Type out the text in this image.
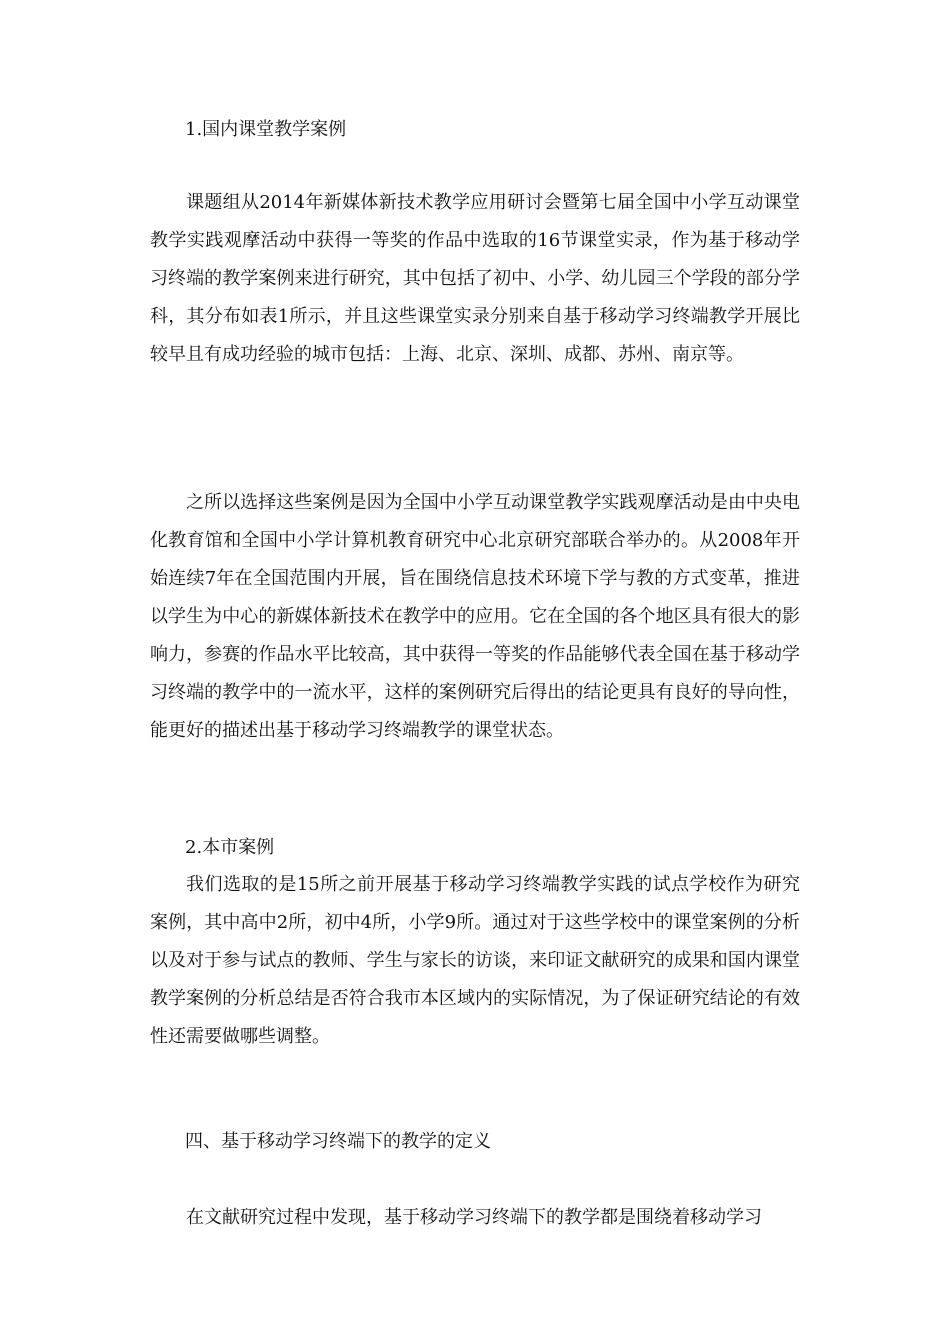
1.国内课堂教学案例

课题组从2014年新媒体新技术教学应用研讨会暨第七届全国中小学互动课堂教学实践观摩活动中获得一等奖的作品中选取的16节课堂实录，作为基于移动学习终端的教学案例来进行研究，其中包括了初中、小学、幼儿园三个学段的部分学科，其分布如表1所示，并且这些课堂实录分别来自基于移动学习终端教学开展比较早且有成功经验的城市包括：上海、北京、深圳、成都、苏州、南京等。

之所以选择这些案例是因为全国中小学互动课堂教学实践观摩活动是由中央电化教育馆和全国中小学计算机教育研究中心北京研究部联合举办的。从2008年开始连续7年在全国范围内开展，旨在围绕信息技术环境下学与教的方式变革，推进以学生为中心的新媒体新技术在教学中的应用。它在全国的各个地区具有很大的影响力，参赛的作品水平比较高，其中获得一等奖的作品能够代表全国在基于移动学习终端的教学中的一流水平，这样的案例研究后得出的结论更具有良好的导向性，能更好的描述出基于移动学习终端教学的课堂状态。

2.本市案例

我们选取的是15所之前开展基于移动学习终端教学实践的试点学校作为研究案例，其中高中2所，初中4所，小学9所。通过对于这些学校中的课堂案例的分析以及对于参与试点的教师、学生与家长的访谈，来印证文献研究的成果和国内课堂教学案例的分析总结是否符合我市本区域内的实际情况，为了保证研究结论的有效性还需要做哪些调整。

四、基于移动学习终端下的教学的定义

在文献研究过程中发现，基于移动学习终端下的教学都是围绕着移动学习
